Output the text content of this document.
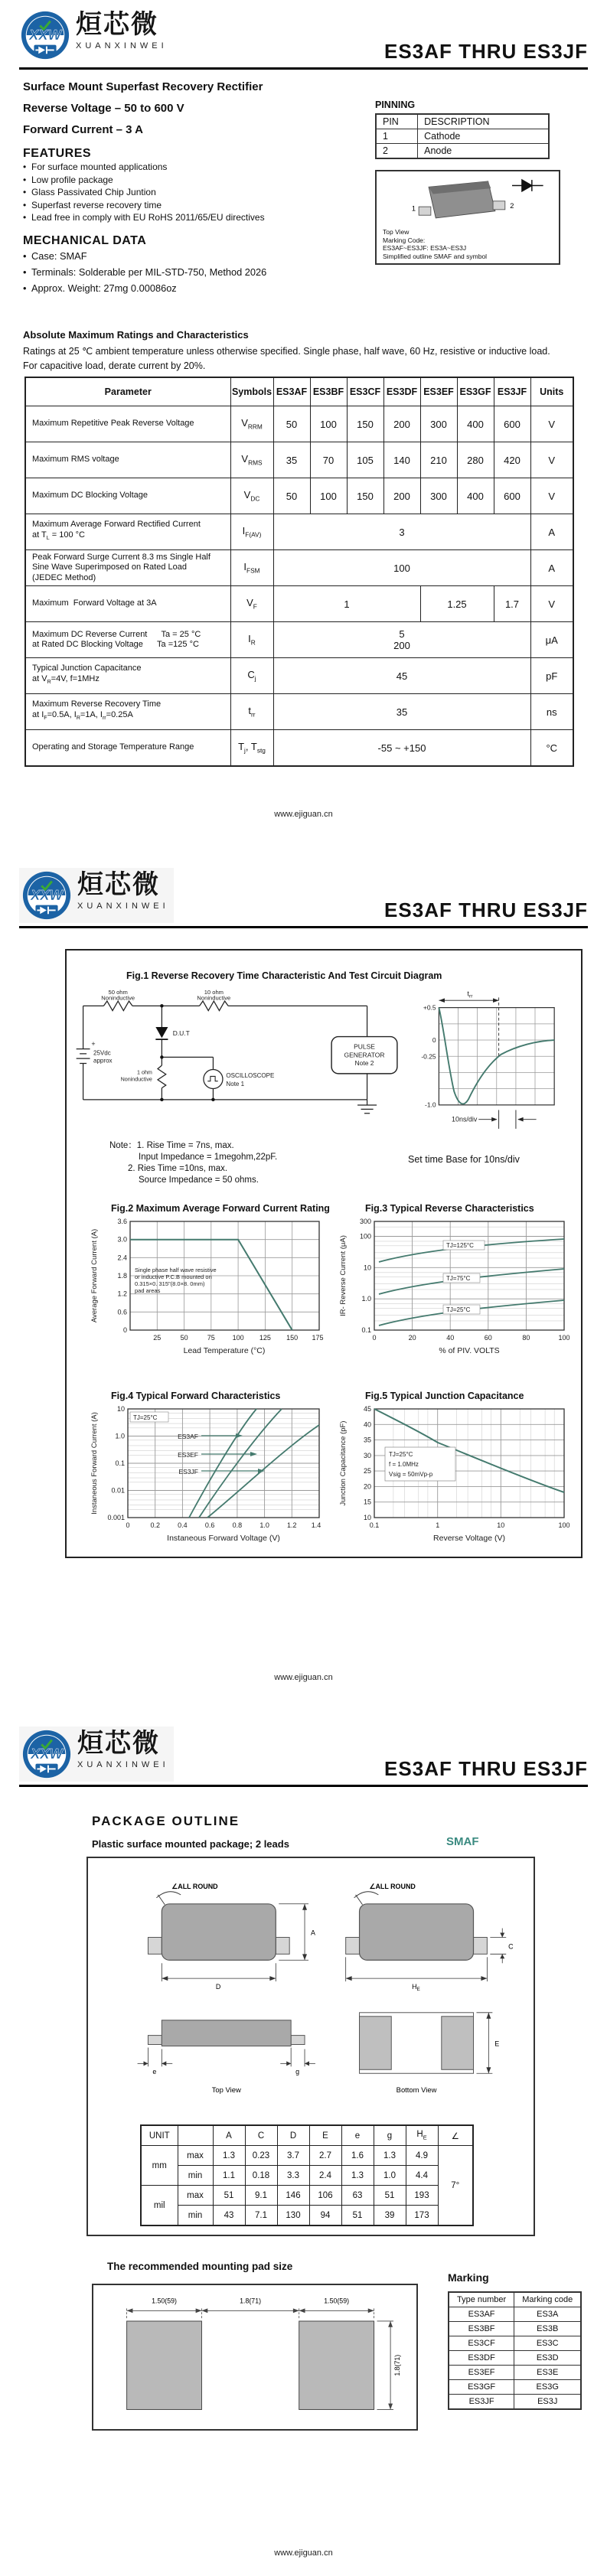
XXW 烜芯微
XUANXINWEI	ES3AF THRU ES3JF
Surface Mount Superfast Recovery Rectifier
Reverse Voltage – 50 to 600 V
Forward Current – 3 A
FEATURES
• For surface mounted applications
• Low profile package
• Glass Passivated Chip Juntion
• Superfast reverse recovery time
• Lead free in comply with EU RoHS 2011/65/EU directives
MECHANICAL DATA
• Case: SMAF
• Terminals: Solderable per MIL-STD-750, Method 2026
• Approx. Weight: 27mg 0.00086oz
PINNING
PIN	DESCRIPTION
1	Cathode
2	Anode
1	2
Top View
Marking Code:
ES3AF~ES3JF: ES3A~ES3J
Simplified outline SMAF and symbol
Absolute Maximum Ratings and Characteristics
Ratings at 25 ℃ ambient temperature unless otherwise specified. Single phase, half wave, 60 Hz, resistive or inductive load.
For capacitive load, derate current by 20%.
Parameter	Symbols	ES3AF	ES3BF	ES3CF	ES3DF	ES3EF	ES3GF	ES3JF	Units

Maximum Repetitive Peak Reverse Voltage	$V_{RRM}$	50	100	150	200	300	400	600	V

Maximum RMS voltage	$V_{RMS}$	35	70	105	140	210	280	420	V

Maximum DC Blocking Voltage	$V_{DC}$	50	100	150	200	300	400	600	V

Maximum Average Forward Rectified Current
at $T_L = 100$ °C	$I_{F(AV)}$	3							A

Peak Forward Surge Current 8.3 ms Single Half
Sine Wave Superimposed on Rated Load
(JEDEC Method)	$I_{FSM}$	100							A

Maximum  Forward Voltage at 3A	$V_F$	1				1.25		1.7	V

Maximum DC Reverse Current      Ta = 25 °C
at Rated DC Blocking Voltage      Ta =125 °C	$I_R$	
5
200	μA

Typical Junction Capacitance
at $V_R=4V$, f=1MHz	$C_j$	45							pF

Maximum Reverse Recovery Time
at $I_F=0.5A$, $I_R=1A$, $I_{rr}=0.25A$	$t_{rr}$	35							ns

Operating and Storage Temperature Range	$T_j$, $T_{stg}$	-55 ~ +150							°C
www.ejiguan.cn
XXW 烜芯微
XUANXINWEI	ES3AF THRU ES3JF
Fig.1 Reverse Recovery Time Characteristic And Test Circuit Diagram
50 ohm
Noninductive
10 ohm
Noninductive
D.U.T
+
25Vdc
approx
1 ohm
Noninductive
OSCILLOSCOPE
Note 1
PULSE
GENERATOR
Note 2
$t_{rr}$
+0.5
0
-0.25
-1.0
10ns/div
Set time Base for 10ns/div
Note：1. Rise Time = 7ns, max.
Input Impedance = 1megohm,22pF.
2. Ries Time =10ns, max.
Source Impedance = 50 ohms.
Fig.2 Maximum Average Forward Current Rating	Fig.3 Typical Reverse Characteristics
Single phase half wave resistive
or inductive P.C.B mounted on
0.315×0. 315"(8.0×8. 0mm)
pad areas
3.6
3.0
2.4
1.8
1.2
0.6
0
25	50	75	100 125 150 175
Lead Temperature (°C)
Average Forward Current (A)	TJ=125°C
TJ=75°C
TJ=25°C
300
100
10
1.0
0.1
0	20	40	60	80	100
% of PIV. VOLTS
IR- Reverse Current (μA)
Fig.4 Typical Forward Characteristics	Fig.5 Typical Junction Capacitance
TJ=25°C
ES3AF
ES3EF
ES3JF
10
1.0
0.1
0.01
0.001
0	0.2	0.4	0.6	0.8	1.0	1.2 1.4
Instaneous Forward Voltage (V)
Instaneous Forward Current (A)	TJ=25°C
f = 1.0MHz
Vsig = 50mVp-p
45
40
35
30
25
20
15
10
0.1	1	10	100
Reverse Voltage (V)
Junction Capacitance (pF)
www.ejiguan.cn
XXW 烜芯微
XUANXINWEI	ES3AF THRU ES3JF
PACKAGE OUTLINE
Plastic surface mounted package; 2 leads	SMAF
∠ALL ROUND
A
D
∠ALL ROUND
C
$H_E$
e	g
Top View
E
Bottom View
UNIT		A	C	D	E	e	g	$H_E$	∠
mm	max	1.3	0.23	3.7	2.7	1.6	1.3	4.9	7°
	min	1.1	0.18	3.3	2.4	1.3	1.0	4.4	
mil	max	51	9.1	146	106	63	51	193	
	min	43	7.1	130	94	51	39	173	
The recommended mounting pad size
1.50(59)	1.8(71)	1.50(59)
1.8(71)
Marking
Type number	Marking code
ES3AF	ES3A
ES3BF	ES3B
ES3CF	ES3C
ES3DF	ES3D
ES3EF	ES3E
ES3GF	ES3G
ES3JF	ES3J
www.ejiguan.cn
